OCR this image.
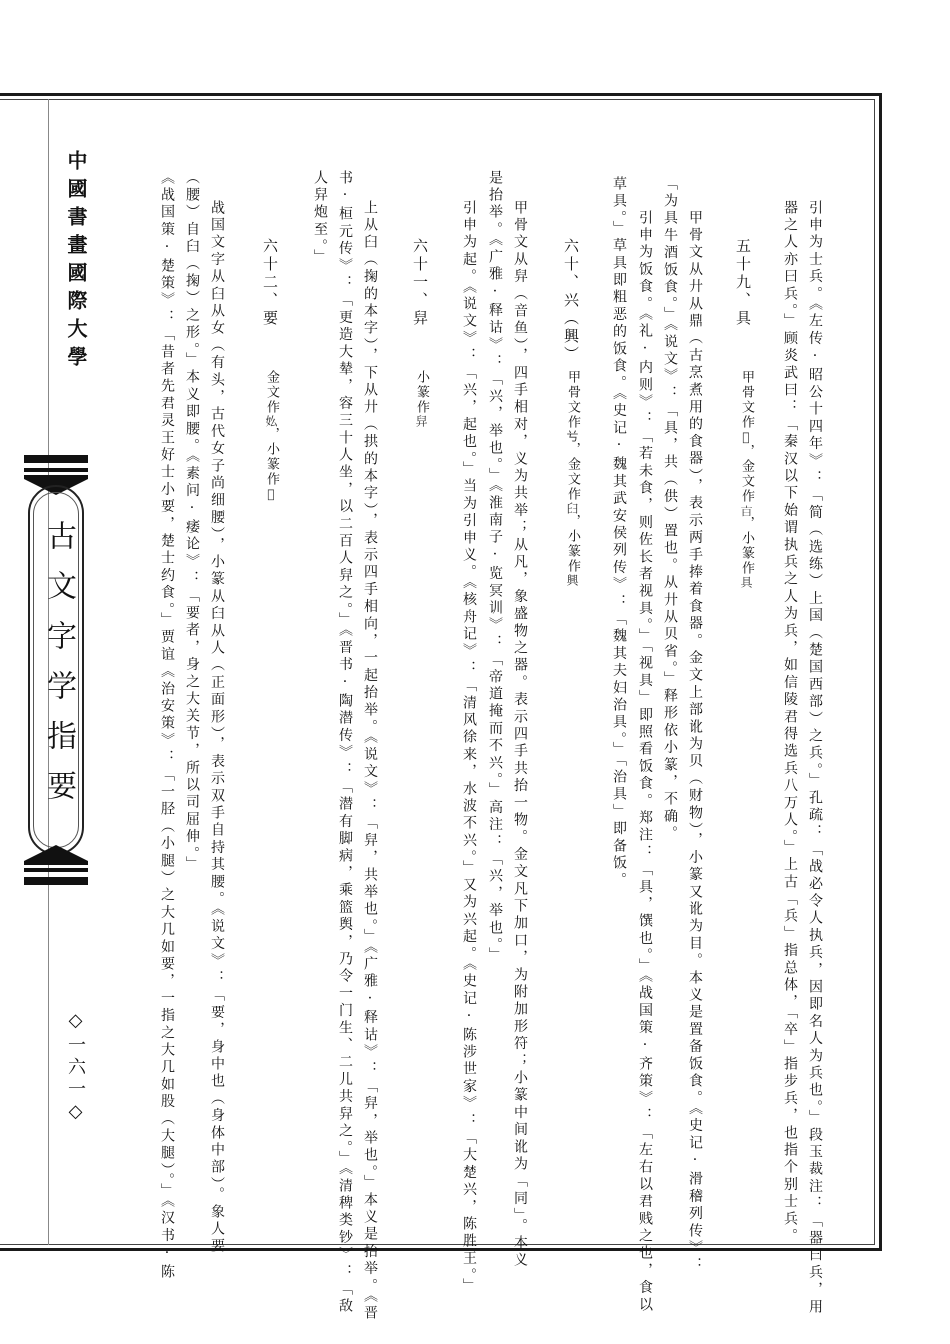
中國書畫國際大學
古文字学指要
◇一六一◇	引申为士兵。《左传·昭公十四年》：「简（选练）上国（楚国西部）之兵。」孔疏：「战必令人执兵，因即名人为兵也。」段玉裁注：「器曰兵，用
器之人亦曰兵。」顾炎武曰：「秦汉以下始谓执兵之人为兵，如信陵君得选兵八万人。」上古「兵」指总体，「卒」指步兵，也指个别士兵。
五十九、具
甲骨文作𥄡，金文作𣅀，小篆作具
甲骨文从廾从鼎（古烹煮用的食器），表示两手捧着食器。金文上部讹为贝（财物），小篆又讹为目。本义是置备饭食。《史记·滑稽列传》：
「为具牛酒饭食。」《说文》：「具，共（供）置也。从廾从贝省。」释形依小篆，不确。
引申为饭食。《礼·内则》：「若未食，则佐长者视具。」「视具」即照看饭食。郑注：「具，馔也。」《战国策·齐策》：「左右以君贱之也，食以
草具。」草具即粗恶的饭食。《史记·魏其武安侯列传》：「魏其夫妇治具。」「治具」即备饭。
六十、兴（興）
甲骨文作𠔃，金文作𦥑，小篆作興
甲骨文从舁（音鱼），四手相对，义为共举；从凡，象盛物之器。表示四手共抬一物。金文凡下加口，为附加形符；小篆中间讹为「同」。本义
是抬举。《广雅·释诂》：「兴，举也。」《淮南子·览冥训》：「帝道掩而不兴。」高注：「兴，举也。」
引申为起。《说文》：「兴，起也。」当为引申义。《核舟记》：「清风徐来，水波不兴。」又为兴起。《史记·陈涉世家》：「大楚兴，陈胜王。」
六十一、舁
小篆作舁
上从臼（掬的本字），下从廾（拱的本字），表示四手相向，一起抬举。《说文》：「舁，共举也。」《广雅·释诂》：「舁，举也。」本义是抬举。《晋
书·桓元传》：「更造大辇，容三十人坐，以二百人舁之。」《晋书·陶潜传》：「潜有脚病，乘篮舆，乃令一门生、二儿共舁之。」《清稗类钞》：「敌
人舁炮至。」
六十二、要
金文作𡚸，小篆作𡟁
战国文字从臼从女（有头，古代女子尚细腰），小篆从臼从人（正面形），表示双手自持其腰。《说文》：「要，身中也（身体中部）。象人要
（腰）自臼（掬）之形。」本义即腰。《素问·痿论》：「要者，身之大关节，所以司屈伸。」
《战国策·楚策》：「昔者先君灵王好士小要，楚士约食。」贾谊《治安策》：「一胫（小腿）之大几如要，一指之大几如股（大腿）。」《汉书·陈
